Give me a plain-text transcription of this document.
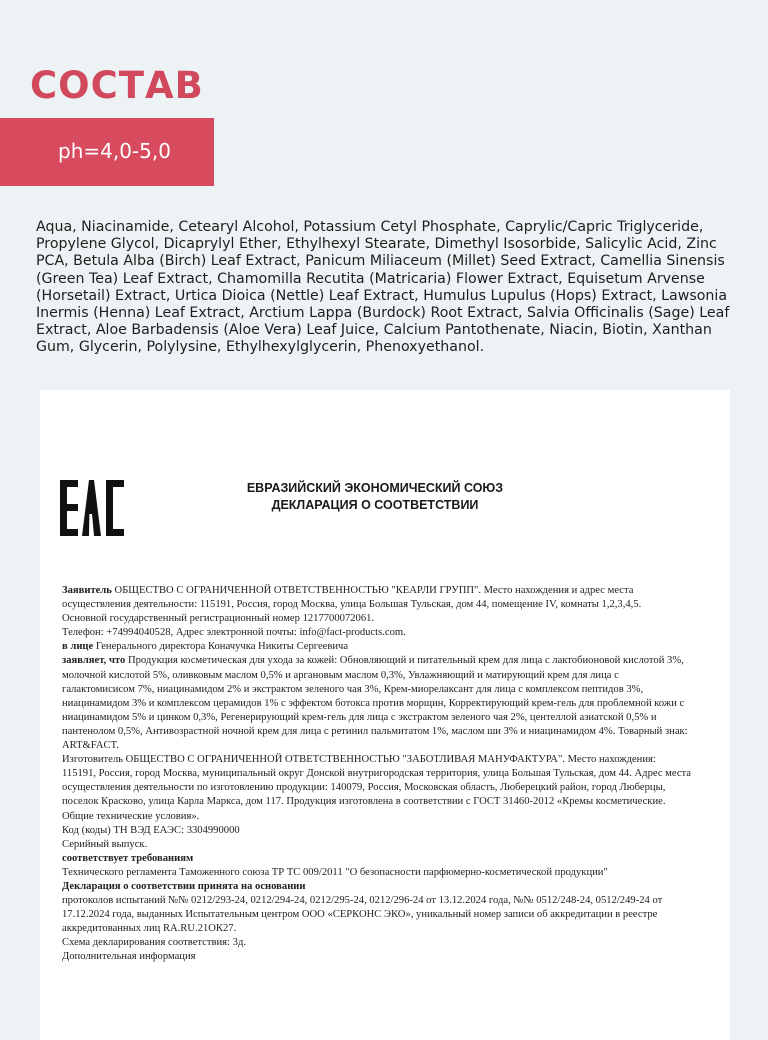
СОСТАВ
ph=4,0-5,0

Aqua, Niacinamide, Cetearyl Alcohol, Potassium Cetyl Phosphate, Caprylic/Capric Triglyceride, Propylene Glycol, Dicaprylyl Ether, Ethylhexyl Stearate, Dimethyl Isosorbide, Salicylic Acid, Zinc PCA, Betula Alba (Birch) Leaf Extract, Panicum Miliaceum (Millet) Seed Extract, Camellia Sinensis (Green Tea) Leaf Extract, Chamomilla Recutita (Matricaria) Flower Extract, Equisetum Arvense (Horsetail) Extract, Urtica Dioica (Nettle) Leaf Extract, Humulus Lupulus (Hops) Extract, Lawsonia Inermis (Henna) Leaf Extract, Arctium Lappa (Burdock) Root Extract, Salvia Officinalis (Sage) Leaf Extract, Aloe Barbadensis (Aloe Vera) Leaf Juice, Calcium Pantothenate, Niacin, Biotin, Xanthan Gum, Glycerin, Polylysine, Ethylhexylglycerin, Phenoxyethanol.

ЕВРАЗИЙСКИЙ ЭКОНОМИЧЕСКИЙ СОЮЗ
ДЕКЛАРАЦИЯ О СООТВЕТСТВИИ

Заявитель ОБЩЕСТВО С ОГРАНИЧЕННОЙ ОТВЕТСТВЕННОСТЬЮ "КЕАРЛИ ГРУПП". Место нахождения и адрес места осуществления деятельности: 115191, Россия, город Москва, улица Большая Тульская, дом 44, помещение IV, комнаты 1,2,3,4,5.

Основной государственный регистрационный номер 1217700072061.

Телефон: +74994040528, Адрес электронной почты: info@fact-products.com.

в лице Генерального директора Коначучка Никиты Сергеевича

заявляет, что Продукция косметическая для ухода за кожей: Обновляющий и питательный крем для лица с лактобионовой кислотой 3%, молочной кислотой 5%, оливковым маслом 0,5% и аргановым маслом 0,3%, Увлажняющий и матирующий крем для лица с галактомисисом 7%, ниацинамидом 2% и экстрактом зеленого чая 3%, Крем-миорелаксант для лица с комплексом пептидов 3%, ниацинамидом 3% и комплексом церамидов 1% с эффектом ботокса против морщин, Корректирующий крем-гель для проблемной кожи с ниацинамидом 5% и цинком 0,3%, Регенерирующий крем-гель для лица с экстрактом зеленого чая 2%, центеллой азиатской 0,5% и пантенолом 0,5%, Антивозрастной ночной крем для лица с ретинил пальмитатом 1%, маслом ши 3% и ниацинамидом 4%. Товарный знак: ART&FACT.

Изготовитель ОБЩЕСТВО С ОГРАНИЧЕННОЙ ОТВЕТСТВЕННОСТЬЮ "ЗАБОТЛИВАЯ МАНУФАКТУРА". Место нахождения: 115191, Россия, город Москва, муниципальный округ Донской внутригородская территория, улица Большая Тульская, дом 44. Адрес места осуществления деятельности по изготовлению продукции: 140079, Россия, Московская область, Люберецкий район, город Люберцы, поселок Красково, улица Карла Маркса, дом 117. Продукция изготовлена в соответствии с ГОСТ 31460-2012 «Кремы косметические. Общие технические условия».

Код (коды) ТН ВЭД ЕАЭС: 3304990000

Серийный выпуск.

соответствует требованиям

Технического регламента Таможенного союза ТР ТС 009/2011 "О безопасности парфюмерно-косметической продукции"

Декларация о соответствии принята на основании

протоколов испытаний №№ 0212/293-24, 0212/294-24, 0212/295-24, 0212/296-24 от 13.12.2024 года, №№ 0512/248-24, 0512/249-24 от 17.12.2024 года, выданных Испытательным центром ООО «СЕРКОНС ЭКО», уникальный номер записи об аккредитации в реестре аккредитованных лиц RA.RU.21ОК27.

Схема декларирования соответствия: 3д.

Дополнительная информация
